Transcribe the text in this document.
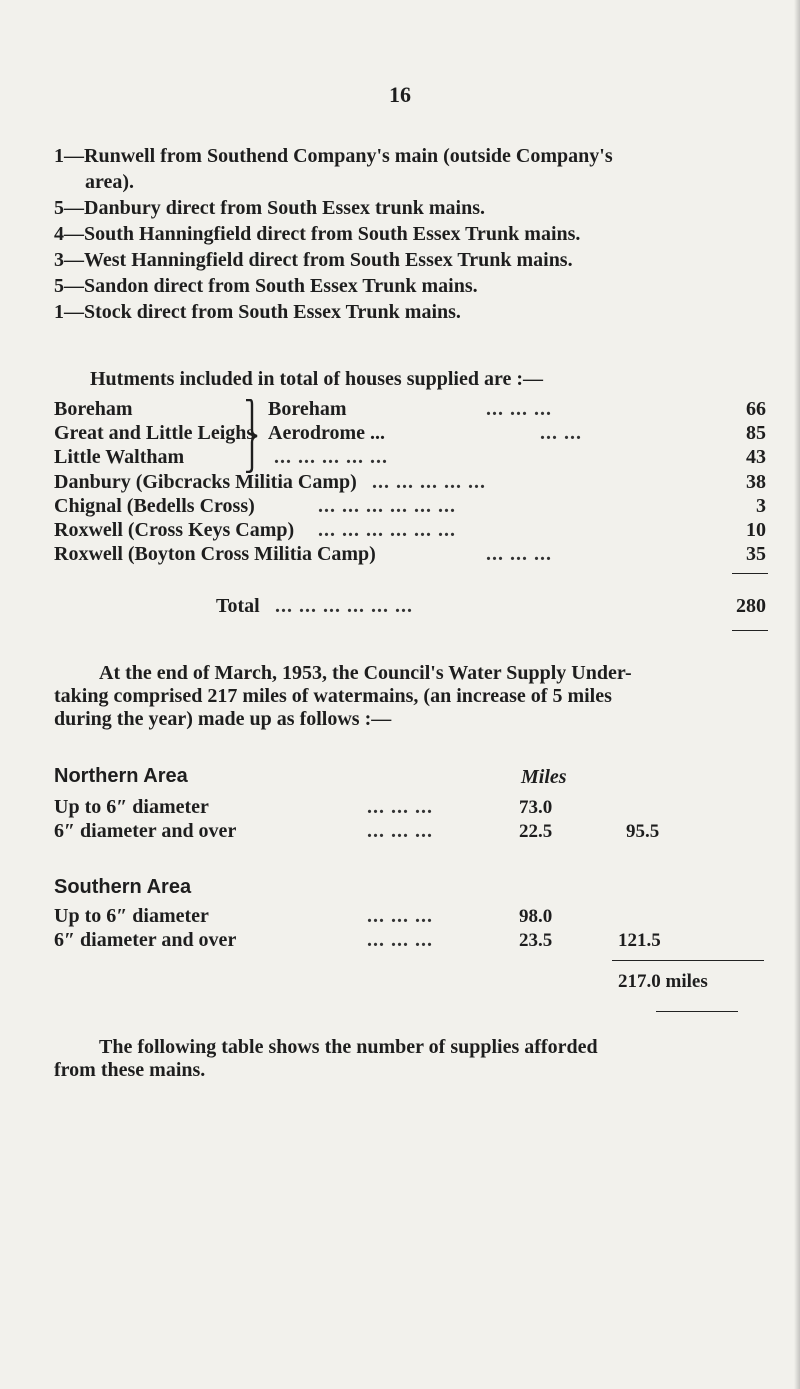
16
1—Runwell from Southend Company's main (outside Company's
area).
5—Danbury direct from South Essex trunk mains.
4—South Hanningfield direct from South Essex Trunk mains.
3—West Hanningfield direct from South Essex Trunk mains.
5—Sandon direct from South Essex Trunk mains.
1—Stock direct from South Essex Trunk mains.
Hutments included in total of houses supplied are :—
Boreham	Boreham	... ... ...	66
Great and Little Leighs Aerodrome ...	... ...	85
Little Waltham	... ... ... ... ...	43
Danbury (Gibcracks Militia Camp) ... ... ... ... ...	38
Chignal (Bedells Cross)	... ... ... ... ... ...	3
Roxwell (Cross Keys Camp) ... ... ... ... ... ...	10
Roxwell (Boyton Cross Militia Camp)	... ... ...	35
Total ... ... ... ... ... ...	280
At the end of March, 1953, the Council's Water Supply Under-
taking comprised 217 miles of watermains, (an increase of 5 miles
during the year) made up as follows :—
Northern Area	Miles
Up to 6″ diameter	... ... ...	73.0
6″ diameter and over	... ... ...	22.5	95.5
Southern Area
Up to 6″ diameter	... ... ...	98.0
6″ diameter and over	... ... ...	23.5	121.5
217.0 miles
The following table shows the number of supplies afforded
from these mains.
